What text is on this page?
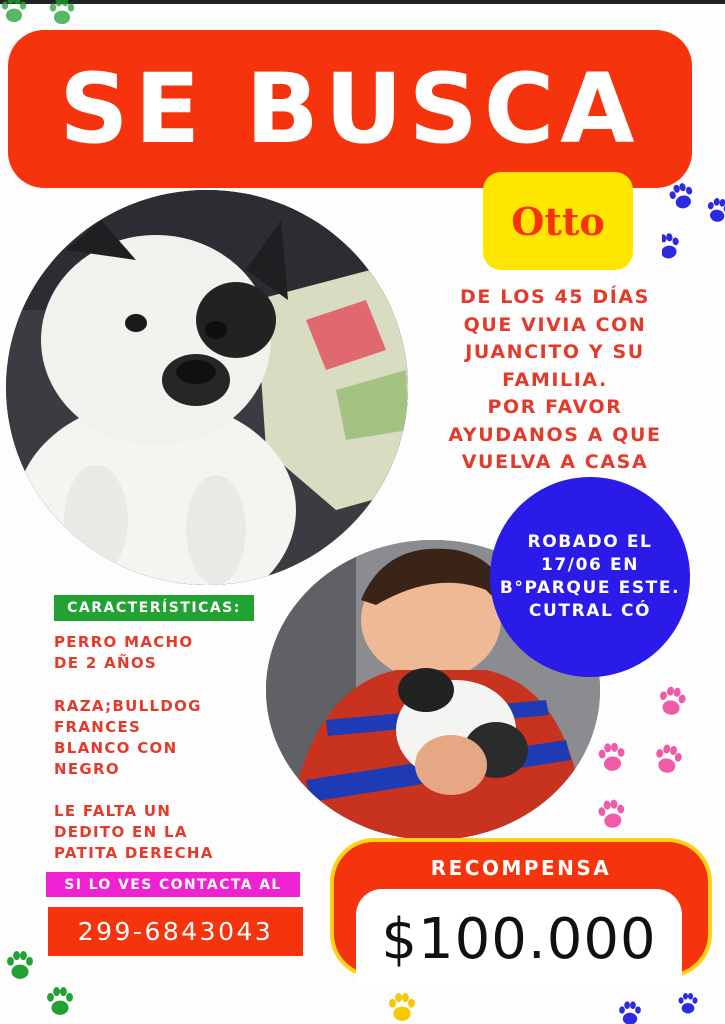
SE BUSCA
Otto
DE LOS 45 DÍAS
QUE VIVIA CON
JUANCITO Y SU
FAMILIA.
POR FAVOR
AYUDANOS A QUE
VUELVA A CASA
ROBADO EL
17/06 EN
B°PARQUE ESTE.
CUTRAL CÓ
CARACTERÍSTICAS:
PERRO MACHO
DE 2 AÑOS
RAZA;BULLDOG
FRANCES
BLANCO CON
NEGRO
LE FALTA UN
DEDITO EN LA
PATITA DERECHA
SI LO VES CONTACTA AL
299-6843043
RECOMPENSA
$100.000
